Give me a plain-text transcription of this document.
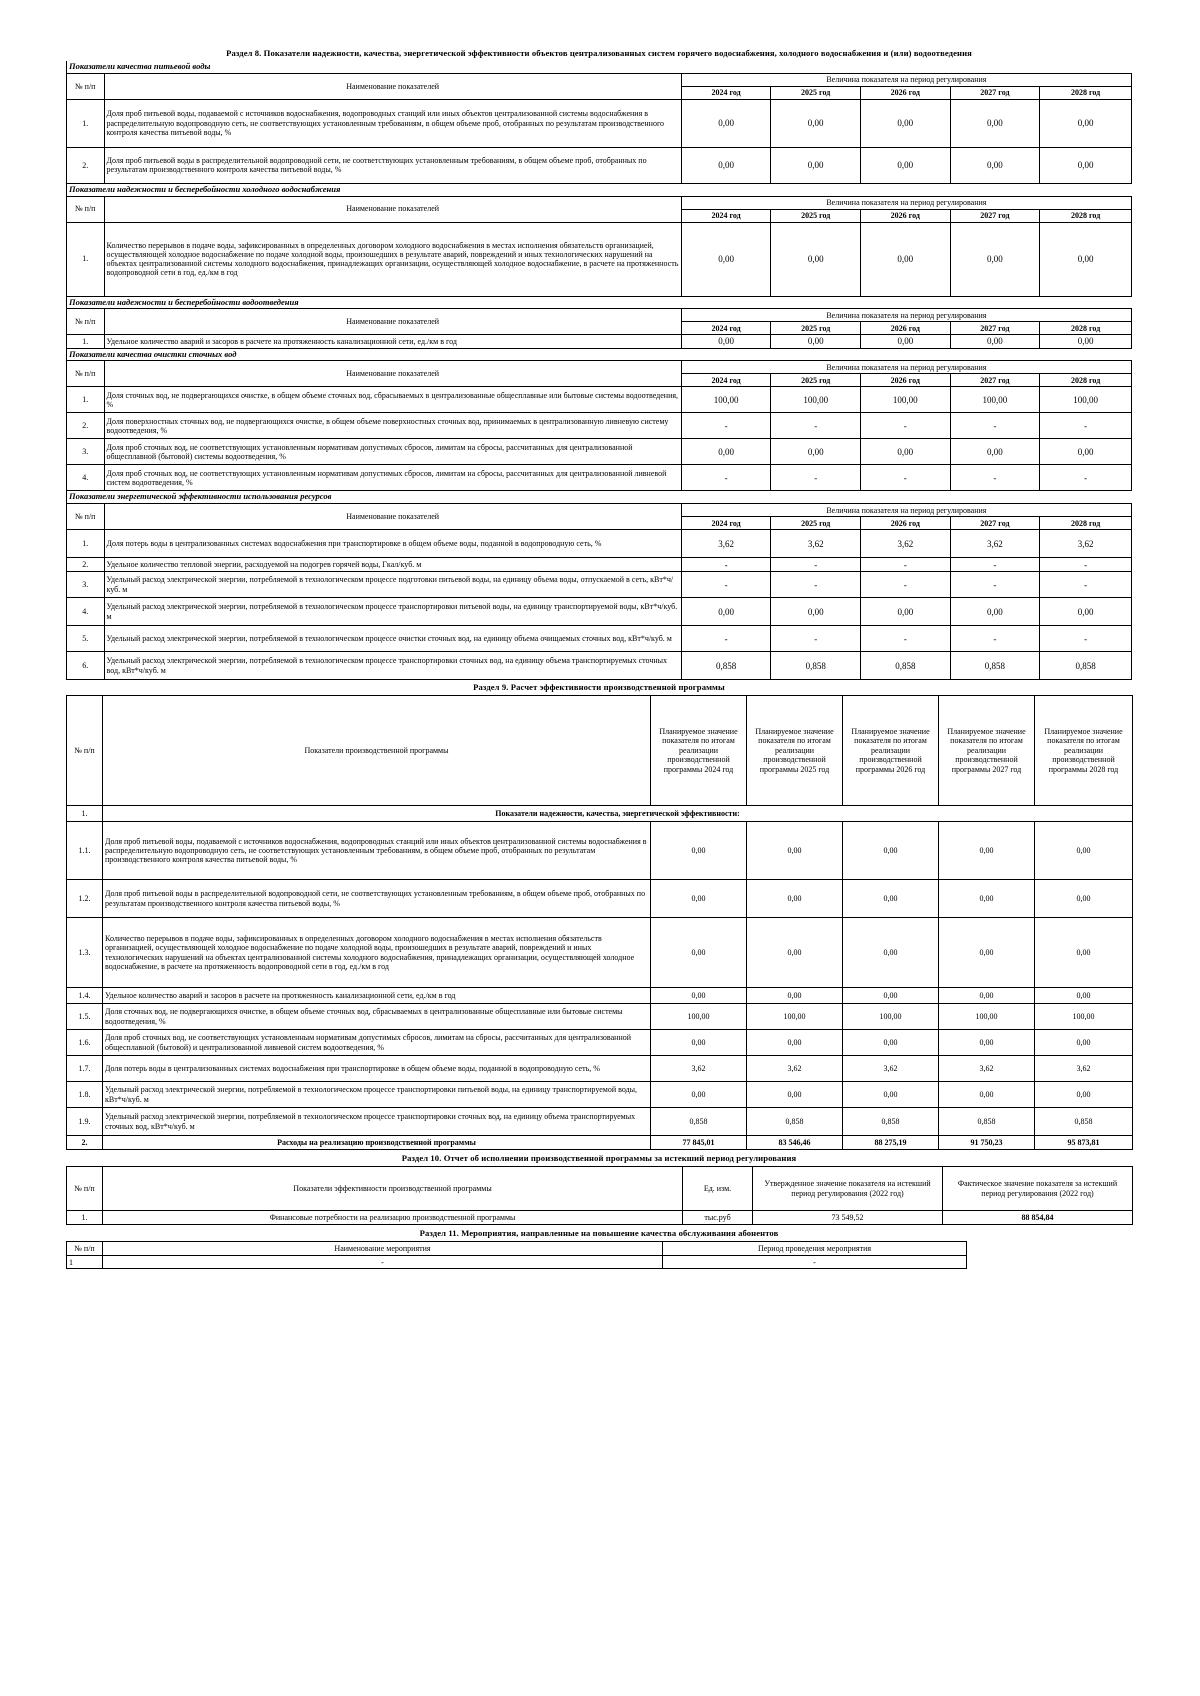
Раздел 8. Показатели надежности, качества, энергетической эффективности объектов централизованных систем горячего водоснабжения, холодного водоснабжения и (или) водоотведения
Показатели качества питьевой воды						
№ п/п	Наименование показателей	Величина показателя на период регулирования				
		2024 год	2025 год	2026 год	2027 год	2028 год
1.	Доля проб питьевой воды, подаваемой с источников водоснабжения, водопроводных станций или иных объектов централизованной системы водоснабжения в распределительную водопроводную сеть, не соответствующих установленным требованиям, в общем объеме проб, отобранных по результатам производственного контроля качества питьевой воды, %	0,00	0,00	0,00	0,00	0,00
2.	Доля проб питьевой воды в распределительной водопроводной сети, не соответствующих установленным требованиям, в общем объеме проб, отобранных по результатам производственного контроля качества питьевой воды, %	0,00	0,00	0,00	0,00	0,00
Показатели надежности и бесперебойности холодного водоснабжения						
№ п/п	Наименование показателей	Величина показателя на период регулирования				
		2024 год	2025 год	2026 год	2027 год	2028 год
1.	Количество перерывов в подаче воды, зафиксированных в определенных договором холодного водоснабжения в местах исполнения обязательств организацией, осуществляющей холодное водоснабжение по подаче холодной воды, произошедших в результате аварий, повреждений и иных технологических нарушений на объектах централизованной системы холодного водоснабжения, принадлежащих организации, осуществляющей холодное водоснабжение, в расчете на протяженность водопроводной сети в год, ед./км в год	0,00	0,00	0,00	0,00	0,00
Показатели надежности и бесперебойности водоотведения						
№ п/п	Наименование показателей	Величина показателя на период регулирования				
		2024 год	2025 год	2026 год	2027 год	2028 год
1.	Удельное количество аварий и засоров в расчете на протяженность канализационной сети, ед./км в год	0,00	0,00	0,00	0,00	0,00
Показатели качества очистки сточных вод						
№ п/п	Наименование показателей	Величина показателя на период регулирования				
		2024 год	2025 год	2026 год	2027 год	2028 год
1.	Доля сточных вод, не подвергающихся очистке, в общем объеме сточных вод, сбрасываемых в централизованные общесплавные или бытовые системы водоотведения, %	100,00	100,00	100,00	100,00	100,00
2.	Доля поверхностных сточных вод, не подвергающихся очистке, в общем объеме поверхностных сточных вод, принимаемых в централизованную ливневую систему водоотведения, %	-	-	-	-	-
3.	Доля проб сточных вод, не соответствующих установленным нормативам допустимых сбросов, лимитам на сбросы, рассчитанных для централизованной общесплавной (бытовой) системы водоотведения, %	0,00	0,00	0,00	0,00	0,00
4.	Доля проб сточных вод, не соответствующих установленным нормативам допустимых сбросов, лимитам на сбросы, рассчитанных для централизованной ливневой систем водоотведения, %	-	-	-	-	-
Показатели энергетической эффективности использования ресурсов						
№ п/п	Наименование показателей	Величина показателя на период регулирования				
		2024 год	2025 год	2026 год	2027 год	2028 год
1.	Доля потерь воды в централизованных системах водоснабжения при транспортировке в общем объеме воды, поданной в водопроводную сеть, %	3,62	3,62	3,62	3,62	3,62
2.	Удельное количество тепловой энергии, расходуемой на подогрев горячей воды, Гкал/куб. м	-	-	-	-	-
3.	Удельный расход электрической энергии, потребляемой в технологическом процессе подготовки питьевой воды, на единицу объема воды, отпускаемой в сеть, кВт*ч/куб. м	-	-	-	-	-
4.	Удельный расход электрической энергии, потребляемой в технологическом процессе транспортировки питьевой воды, на единицу транспортируемой воды, кВт*ч/куб. м	0,00	0,00	0,00	0,00	0,00
5.	Удельный расход электрической энергии, потребляемой в технологическом процессе очистки сточных вод, на единицу объема очищаемых сточных вод, кВт*ч/куб. м	-	-	-	-	-
6.	Удельный расход электрической энергии, потребляемой в технологическом процессе транспортировки сточных вод, на единицу объема транспортируемых сточных вод, кВт*ч/куб. м	0,858	0,858	0,858	0,858	0,858
Раздел 9. Расчет эффективности производственной программы
№ п/п	Показатели производственной программы	Планируемое значение показателя по итогам реализации производственной программы 2024 год	Планируемое значение показателя по итогам реализации производственной программы 2025 год	Планируемое значение показателя по итогам реализации производственной программы 2026 год	Планируемое значение показателя по итогам реализации производственной программы 2027 год	Планируемое значение показателя по итогам реализации производственной программы 2028 год
1.	Показатели надежности, качества, энергетической эффективности:					
1.1.	Доля проб питьевой воды, подаваемой с источников водоснабжения, водопроводных станций или иных объектов централизованной системы водоснабжения в распределительную водопроводную сеть, не соответствующих установленным требованиям, в общем объеме проб, отобранных по результатам производственного контроля качества питьевой воды, %	0,00	0,00	0,00	0,00	0,00
1.2.	Доля проб питьевой воды в распределительной водопроводной сети, не соответствующих установленным требованиям, в общем объеме проб, отобранных по результатам производственного контроля качества питьевой воды, %	0,00	0,00	0,00	0,00	0,00
1.3.	Количество перерывов в подаче воды, зафиксированных в определенных договором холодного водоснабжения в местах исполнения обязательств организацией, осуществляющей холодное водоснабжение по подаче холодной воды, произошедших в результате аварий, повреждений и иных технологических нарушений на объектах централизованной системы холодного водоснабжения, принадлежащих организации, осуществляющей холодное водоснабжение, в расчете на протяженность водопроводной сети в год, ед./км в год	0,00	0,00	0,00	0,00	0,00
1.4.	Удельное количество аварий и засоров в расчете на протяженность канализационной сети, ед./км в год	0,00	0,00	0,00	0,00	0,00
1.5.	Доля сточных вод, не подвергающихся очистке, в общем объеме сточных вод, сбрасываемых в централизованные общесплавные или бытовые системы водоотведения, %	100,00	100,00	100,00	100,00	100,00
1.6.	Доля проб сточных вод, не соответствующих установленным нормативам допустимых сбросов, лимитам на сбросы, рассчитанных для централизованной общесплавной (бытовой) и централизованной ливневой систем водоотведения, %	0,00	0,00	0,00	0,00	0,00
1.7.	Доля потерь воды в централизованных системах водоснабжения при транспортировке в общем объеме воды, поданной в водопроводную сеть, %	3,62	3,62	3,62	3,62	3,62
1.8.	Удельный расход электрической энергии, потребляемой в технологическом процессе транспортировки питьевой воды, на единицу транспортируемой воды, кВт*ч/куб. м	0,00	0,00	0,00	0,00	0,00
1.9.	Удельный расход электрической энергии, потребляемой в технологическом процессе транспортировки сточных вод, на единицу объема транспортируемых сточных вод, кВт*ч/куб. м	0,858	0,858	0,858	0,858	0,858
2.	Расходы на реализацию производственной программы	77 845,01	83 546,46	88 275,19	91 750,23	95 873,81
Раздел 10. Отчет об исполнении производственной программы за истекший период регулирования
№ п/п	Показатели эффективности производственной программы	Ед. изм.	Утвержденное значение показателя на истекший период регулирования (2022 год)	Фактическое значение показателя за истекший период регулирования (2022 год)
1.	Финансовые потребности на реализацию производственной программы	тыс.руб	73 549,52	88 854,84
Раздел 11. Мероприятия, направленные на повышение качества обслуживания абонентов
№ п/п	Наименование мероприятия	Период проведения мероприятия
1	-	-
